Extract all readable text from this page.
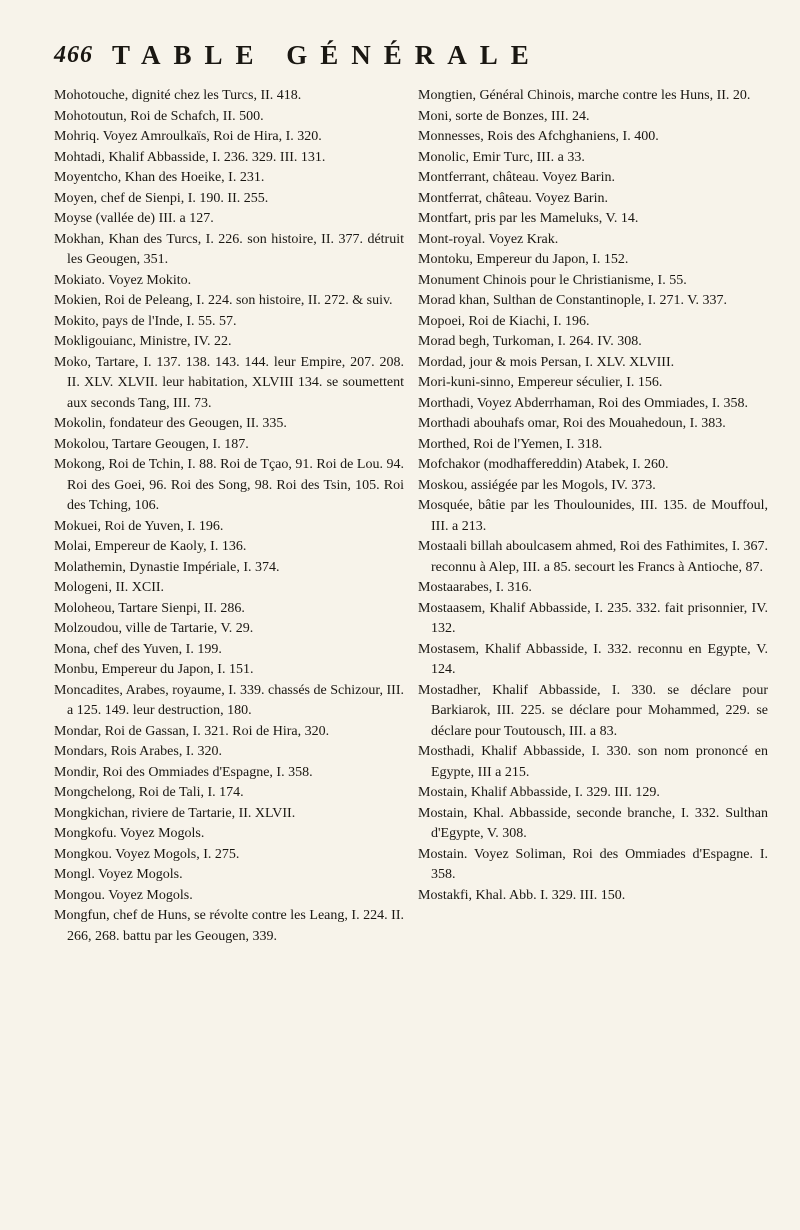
466 TABLE GÉNÉRALE

Mohotouche, dignité chez les Turcs, II. 418.

Mohotoutun, Roi de Schafch, II. 500.

Mohriq. Voyez Amroulkaïs, Roi de Hira, I. 320.

Mohtadi, Khalif Abbasside, I. 236. 329. III. 131.

Moyentcho, Khan des Hoeike, I. 231.

Moyen, chef de Sienpi, I. 190. II. 255.

Moyse (vallée de) III. a 127.

Mokhan, Khan des Turcs, I. 226. son histoire, II. 377. détruit les Geougen, 351.

Mokiato. Voyez Mokito.

Mokien, Roi de Peleang, I. 224. son histoire, II. 272. & suiv.

Mokito, pays de l'Inde, I. 55. 57.

Mokligouianc, Ministre, IV. 22.

Moko, Tartare, I. 137. 138. 143. 144. leur Empire, 207. 208. II. XLV. XLVII. leur habitation, XLVIII 134. se soumettent aux seconds Tang, III. 73.

Mokolin, fondateur des Geougen, II. 335.

Mokolou, Tartare Geougen, I. 187.

Mokong, Roi de Tchin, I. 88. Roi de Tçao, 91. Roi de Lou. 94. Roi des Goei, 96. Roi des Song, 98. Roi des Tsin, 105. Roi des Tching, 106.

Mokuei, Roi de Yuven, I. 196.

Molai, Empereur de Kaoly, I. 136.

Molathemin, Dynastie Impériale, I. 374.

Mologeni, II. XCII.

Moloheou, Tartare Sienpi, II. 286.

Molzoudou, ville de Tartarie, V. 29.

Mona, chef des Yuven, I. 199.

Monbu, Empereur du Japon, I. 151.

Moncadites, Arabes, royaume, I. 339. chassés de Schizour, III. a 125. 149. leur destruction, 180.

Mondar, Roi de Gassan, I. 321. Roi de Hira, 320.

Mondars, Rois Arabes, I. 320.

Mondir, Roi des Ommiades d'Espagne, I. 358.

Mongchelong, Roi de Tali, I. 174.

Mongkichan, riviere de Tartarie, II. XLVII.

Mongkofu. Voyez Mogols.

Mongkou. Voyez Mogols, I. 275.

Mongl. Voyez Mogols.

Mongou. Voyez Mogols.

Mongfun, chef de Huns, se révolte contre les Leang, I. 224. II. 266, 268. battu par les Geougen, 339.

Mongtien, Général Chinois, marche contre les Huns, II. 20.

Moni, sorte de Bonzes, III. 24.

Monnesses, Rois des Afchghaniens, I. 400.

Monolic, Emir Turc, III. a 33.

Montferrant, château. Voyez Barin.

Montferrat, château. Voyez Barin.

Montfart, pris par les Mameluks, V. 14.

Mont-royal. Voyez Krak.

Montoku, Empereur du Japon, I. 152.

Monument Chinois pour le Christianisme, I. 55.

Morad khan, Sulthan de Constantinople, I. 271. V. 337.

Mopoei, Roi de Kiachi, I. 196.

Morad begh, Turkoman, I. 264. IV. 308.

Mordad, jour & mois Persan, I. XLV. XLVIII.

Mori-kuni-sinno, Empereur séculier, I. 156.

Morthadi, Voyez Abderrhaman, Roi des Ommiades, I. 358.

Morthadi abouhafs omar, Roi des Mouahedoun, I. 383.

Morthed, Roi de l'Yemen, I. 318.

Mofchakor (modhaffereddin) Atabek, I. 260.

Moskou, assiégée par les Mogols, IV. 373.

Mosquée, bâtie par les Thoulounides, III. 135. de Mouffoul, III. a 213.

Mostaali billah aboulcasem ahmed, Roi des Fathimites, I. 367. reconnu à Alep, III. a 85. secourt les Francs à Antioche, 87.

Mostaarabes, I. 316.

Mostaasem, Khalif Abbasside, I. 235. 332. fait prisonnier, IV. 132.

Mostasem, Khalif Abbasside, I. 332. reconnu en Egypte, V. 124.

Mostadher, Khalif Abbasside, I. 330. se déclare pour Barkiarok, III. 225. se déclare pour Mohammed, 229. se déclare pour Toutousch, III. a 83.

Mosthadi, Khalif Abbasside, I. 330. son nom prononcé en Egypte, III a 215.

Mostain, Khalif Abbasside, I. 329. III. 129.

Mostain, Khal. Abbasside, seconde branche, I. 332. Sulthan d'Egypte, V. 308.

Mostain. Voyez Soliman, Roi des Ommiades d'Espagne. I. 358.

Mostakfi, Khal. Abb. I. 329. III. 150.
